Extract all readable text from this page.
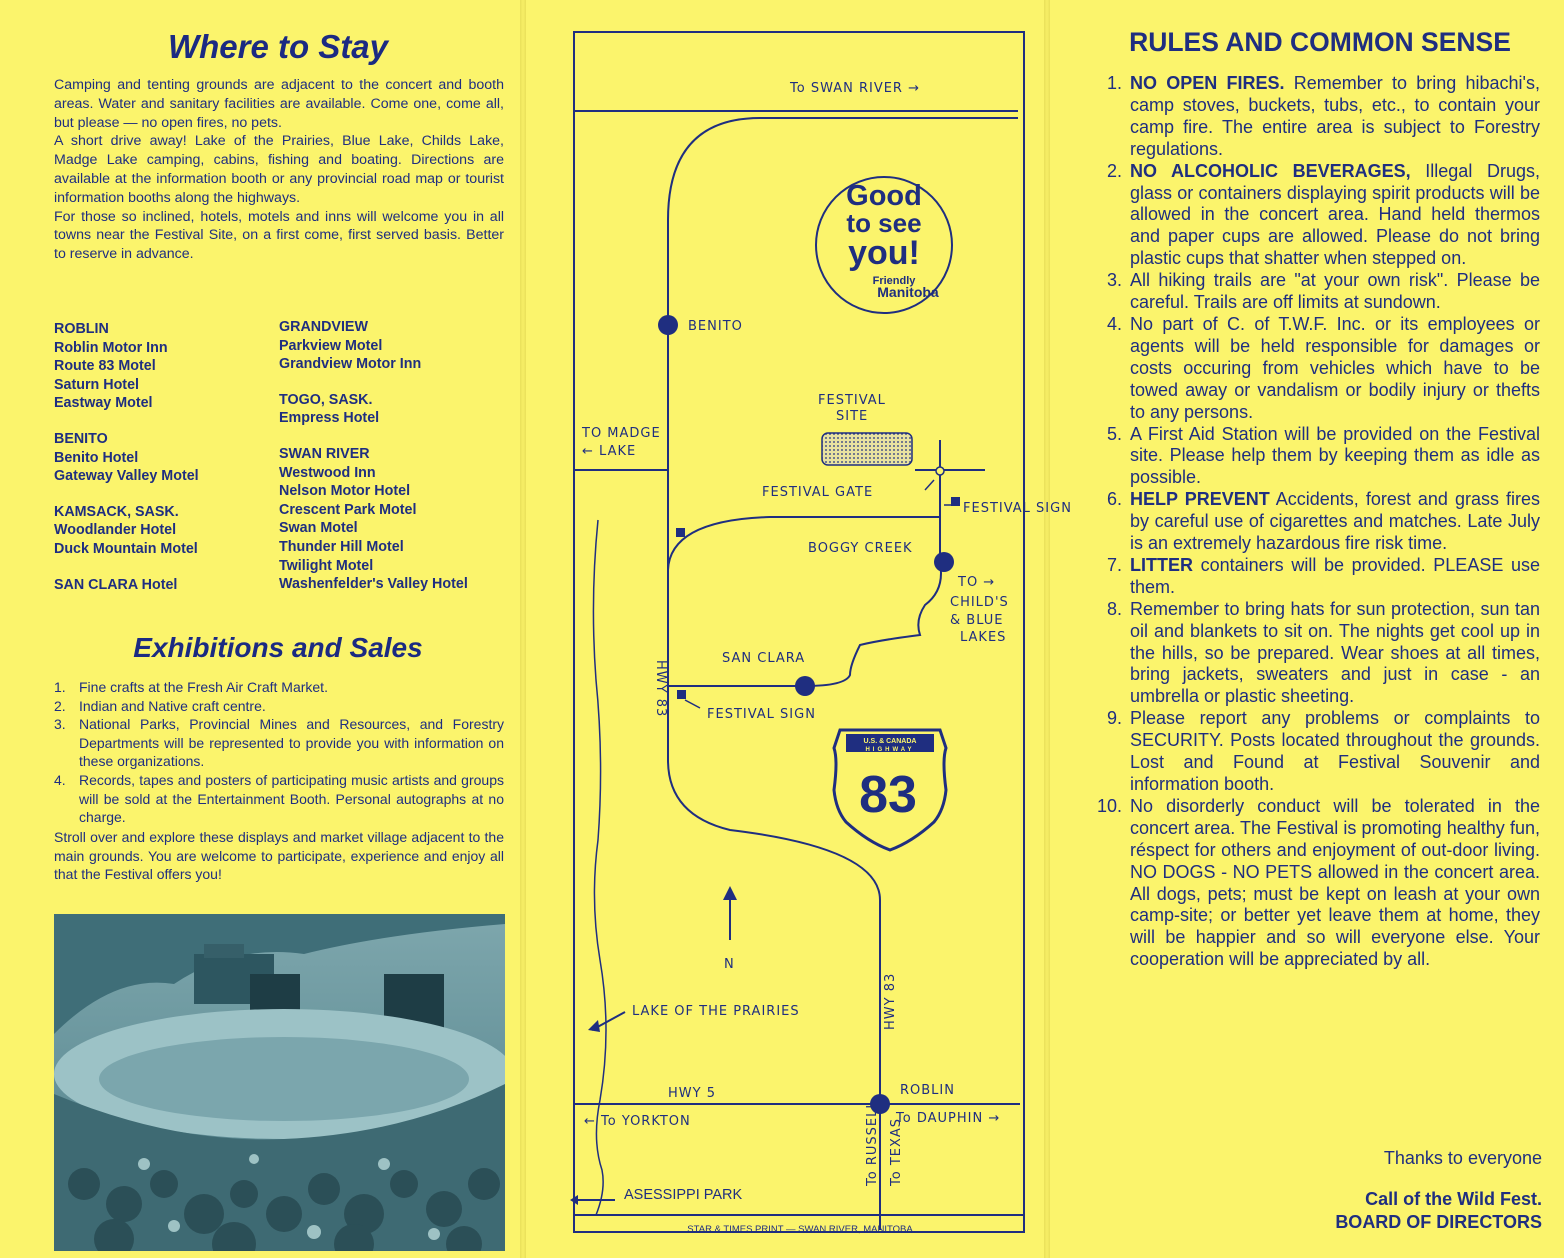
Where to Stay

Camping and tenting grounds are adjacent to the concert and booth areas. Water and sanitary facilities are available. Come one, come all, but please — no open fires, no pets.

A short drive away! Lake of the Prairies, Blue Lake, Childs Lake, Madge Lake camping, cabins, fishing and boating. Directions are available at the information booth or any provincial road map or tourist information booths along the highways.

For those so inclined, hotels, motels and inns will welcome you in all towns near the Festival Site, on a first come, first served basis. Better to reserve in advance.

ROBLIN
Roblin Motor Inn
Route 83 Motel
Saturn Hotel
Eastway Motel
BENITO
Benito Hotel
Gateway Valley Motel
KAMSACK, SASK.
Woodlander Hotel
Duck Mountain Motel
SAN CLARA Hotel
GRANDVIEW
Parkview Motel
Grandview Motor Inn
TOGO, SASK.
Empress Hotel
SWAN RIVER
Westwood Inn
Nelson Motor Hotel
Crescent Park Motel
Swan Motel
Thunder Hill Motel
Twilight Motel
Washenfelder's Valley Hotel
Exhibitions and Sales
1. Fine crafts at the Fresh Air Craft Market.
2. Indian and Native craft centre.
3. National Parks, Provincial Mines and Resources, and Forestry Departments will be represented to provide you with information on these organizations.
4. Records, tapes and posters of participating music artists and groups will be sold at the Entertainment Booth. Personal autographs at no charge.

Stroll over and explore these displays and market village adjacent to the main grounds. You are welcome to participate, experience and enjoy all that the Festival offers you!

Good
to see
you!
Friendly
Manitoba
U.S. & CANADA
HIGHWAY
83
To SWAN RIVER →
BENITO
TO MADGE
← LAKE
FESTIVAL
SITE
FESTIVAL GATE
FESTIVAL SIGN
BOGGY CREEK
TO →
CHILD'S
& BLUE
LAKES
SAN CLARA
HWY 83	FESTIVAL SIGN
N
LAKE OF THE PRAIRIES	HWY 83
HWY 5	ROBLIN
← To YORKTON	To DAUPHIN →
To RUSSELL To TEXAS
ASESSIPPI PARK
STAR & TIMES PRINT — SWAN RIVER, MANITOBA
RULES AND COMMON SENSE
1. NO OPEN FIRES. Remember to bring hibachi's, camp stoves, buckets, tubs, etc., to contain your camp fire. The entire area is subject to Forestry regulations.
2. NO ALCOHOLIC BEVERAGES, Illegal Drugs, glass or containers displaying spirit products will be allowed in the concert area. Hand held thermos and paper cups are allowed. Please do not bring plastic cups that shatter when stepped on.
3. All hiking trails are "at your own risk". Please be careful. Trails are off limits at sundown.
4. No part of C. of T.W.F. Inc. or its employees or agents will be held responsible for damages or costs occuring from vehicles which have to be towed away or vandalism or bodily injury or thefts to any persons.
5. A First Aid Station will be provided on the Festival site. Please help them by keeping them as idle as possible.
6. HELP PREVENT Accidents, forest and grass fires by careful use of cigarettes and matches. Late July is an extremely hazardous fire risk time.
7. LITTER containers will be provided. PLEASE use them.
8. Remember to bring hats for sun protection, sun tan oil and blankets to sit on. The nights get cool up in the hills, so be prepared. Wear shoes at all times, bring jackets, sweaters and just in case - an umbrella or plastic sheeting.
9. Please report any problems or complaints to SECURITY. Posts located throughout the grounds. Lost and Found at Festival Souvenir and information booth.
10. No disorderly conduct will be tolerated in the concert area. The Festival is promoting healthy fun, réspect for others and enjoyment of out-door living. NO DOGS - NO PETS allowed in the concert area. All dogs, pets; must be kept on leash at your own camp-site; or better yet leave them at home, they will be happier and so will everyone else. Your cooperation will be appreciated by all.
Thanks to everyone
Call of the Wild Fest.
BOARD OF DIRECTORS
